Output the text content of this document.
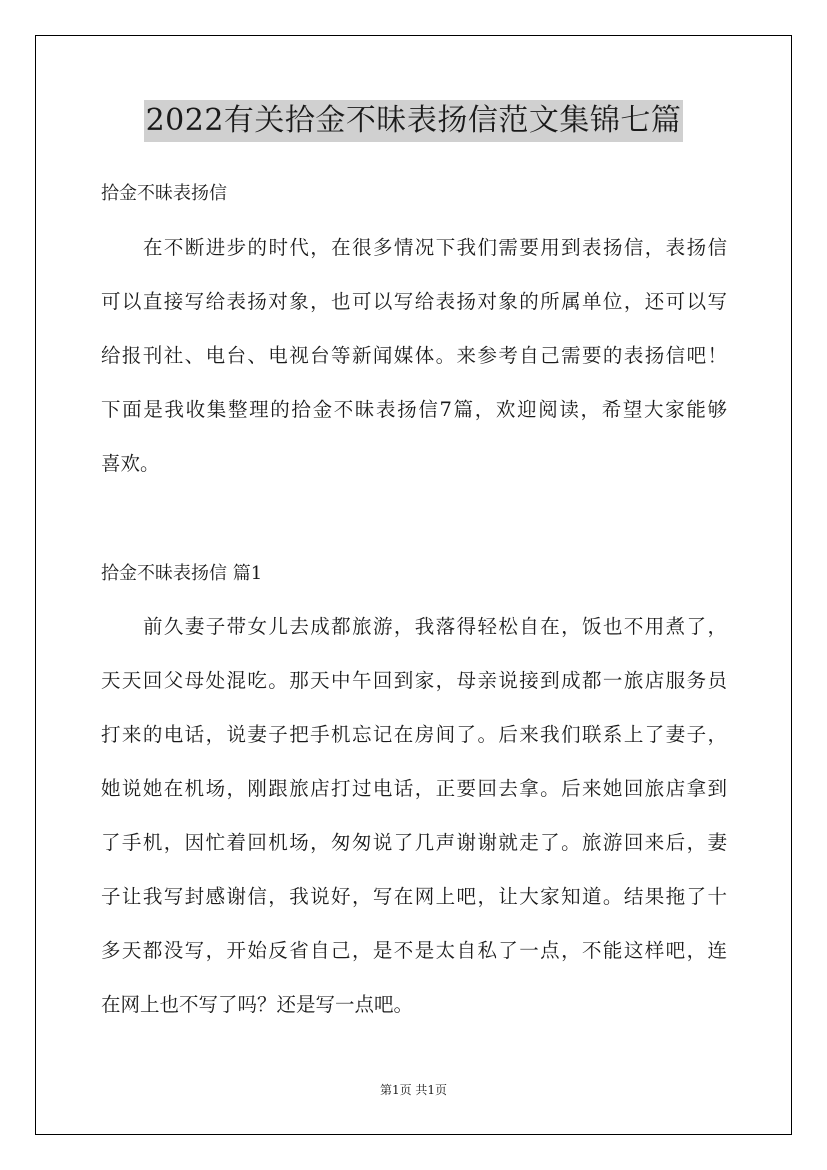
2022有关拾金不昧表扬信范文集锦七篇
拾金不昧表扬信
在不断进步的时代，在很多情况下我们需要用到表扬信，表扬信
可以直接写给表扬对象，也可以写给表扬对象的所属单位，还可以写
给报刊社、电台、电视台等新闻媒体。来参考自己需要的表扬信吧！
下面是我收集整理的拾金不昧表扬信7篇，欢迎阅读，希望大家能够
喜欢。
拾金不昧表扬信 篇1
前久妻子带女儿去成都旅游，我落得轻松自在，饭也不用煮了，
天天回父母处混吃。那天中午回到家，母亲说接到成都一旅店服务员
打来的电话，说妻子把手机忘记在房间了。后来我们联系上了妻子，
她说她在机场，刚跟旅店打过电话，正要回去拿。后来她回旅店拿到
了手机，因忙着回机场，匆匆说了几声谢谢就走了。旅游回来后，妻
子让我写封感谢信，我说好，写在网上吧，让大家知道。结果拖了十
多天都没写，开始反省自己，是不是太自私了一点，不能这样吧，连
在网上也不写了吗？还是写一点吧。
第1页 共1页
